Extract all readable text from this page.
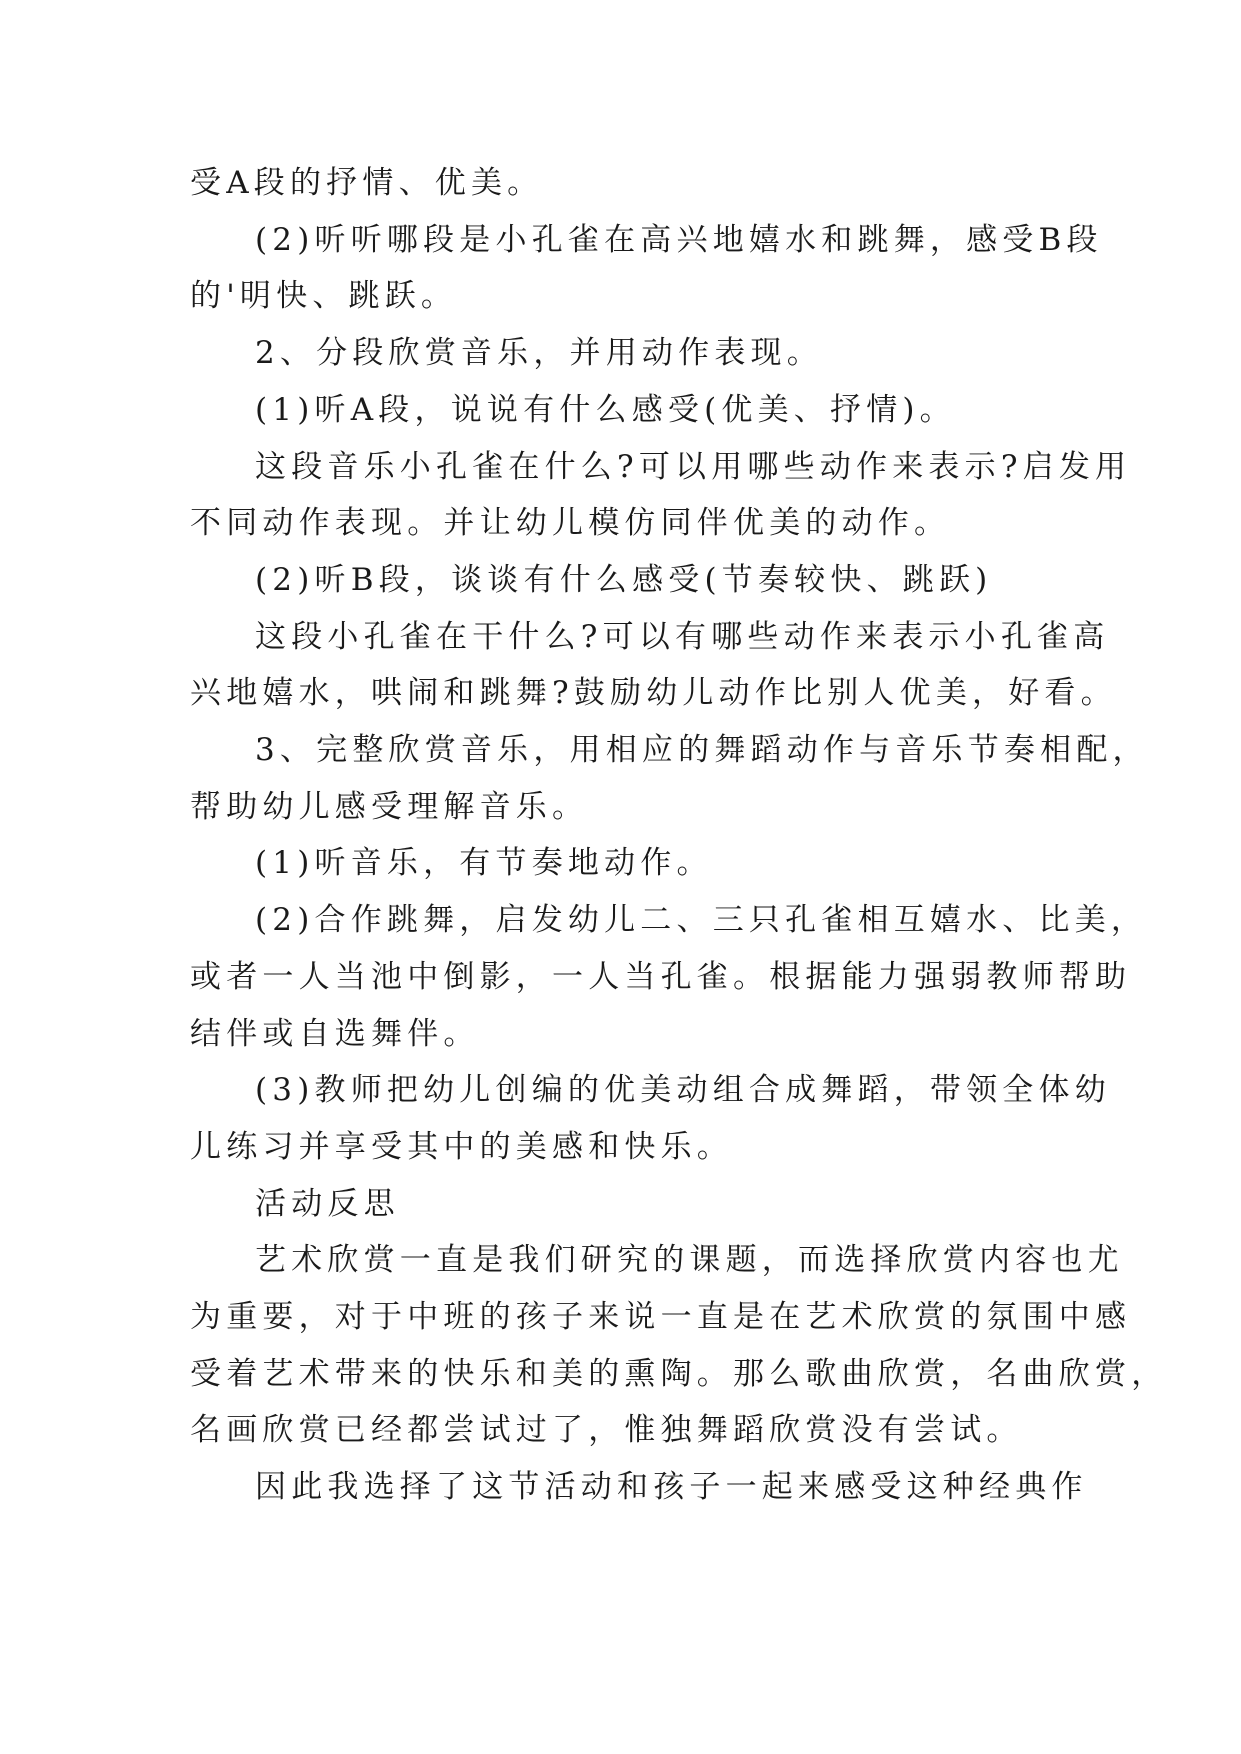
受A段的抒情、优美。

(2)听听哪段是小孔雀在高兴地嬉水和跳舞，感受B段

的'明快、跳跃。

2、分段欣赏音乐，并用动作表现。

(1)听A段，说说有什么感受(优美、抒情)。

这段音乐小孔雀在什么?可以用哪些动作来表示?启发用

不同动作表现。并让幼儿模仿同伴优美的动作。

(2)听B段，谈谈有什么感受(节奏较快、跳跃)

这段小孔雀在干什么?可以有哪些动作来表示小孔雀高

兴地嬉水，哄闹和跳舞?鼓励幼儿动作比别人优美，好看。

3、完整欣赏音乐，用相应的舞蹈动作与音乐节奏相配，

帮助幼儿感受理解音乐。

(1)听音乐，有节奏地动作。

(2)合作跳舞，启发幼儿二、三只孔雀相互嬉水、比美，

或者一人当池中倒影，一人当孔雀。根据能力强弱教师帮助

结伴或自选舞伴。

(3)教师把幼儿创编的优美动组合成舞蹈，带领全体幼

儿练习并享受其中的美感和快乐。

活动反思

艺术欣赏一直是我们研究的课题，而选择欣赏内容也尤

为重要，对于中班的孩子来说一直是在艺术欣赏的氛围中感

受着艺术带来的快乐和美的熏陶。那么歌曲欣赏，名曲欣赏，

名画欣赏已经都尝试过了，惟独舞蹈欣赏没有尝试。

因此我选择了这节活动和孩子一起来感受这种经典作
